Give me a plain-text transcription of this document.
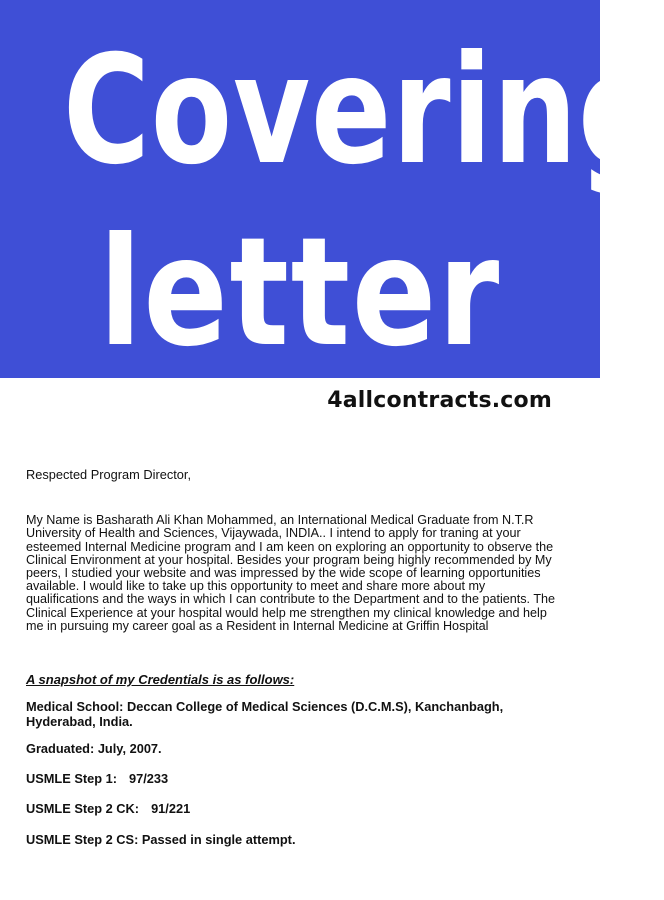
Covering
letter
4allcontracts.com

Respected Program Director,

My Name is Basharath Ali Khan Mohammed, an International Medical Graduate from N.T.R University of Health and Sciences, Vijaywada, INDIA.. I intend to apply for traning at your esteemed Internal Medicine program and I am keen on exploring an opportunity to observe the Clinical Environment at your hospital. Besides your program being highly recommended by My peers, I studied your website and was impressed by the wide scope of learning opportunities available. I would like to take up this opportunity to meet and share more about my qualifications and the ways in which I can contribute to the Department and to the patients. The Clinical Experience at your hospital would help me strengthen my clinical knowledge and help me in pursuing my career goal as a Resident in Internal Medicine at Griffin Hospital

A snapshot of my Credentials is as follows:
Medical School: Deccan College of Medical Sciences (D.C.M.S), Kanchanbagh, Hyderabad, India.
Graduated: July, 2007.
USMLE Step 1: 97/233
USMLE Step 2 CK: 91/221
USMLE Step 2 CS: Passed in single attempt.
